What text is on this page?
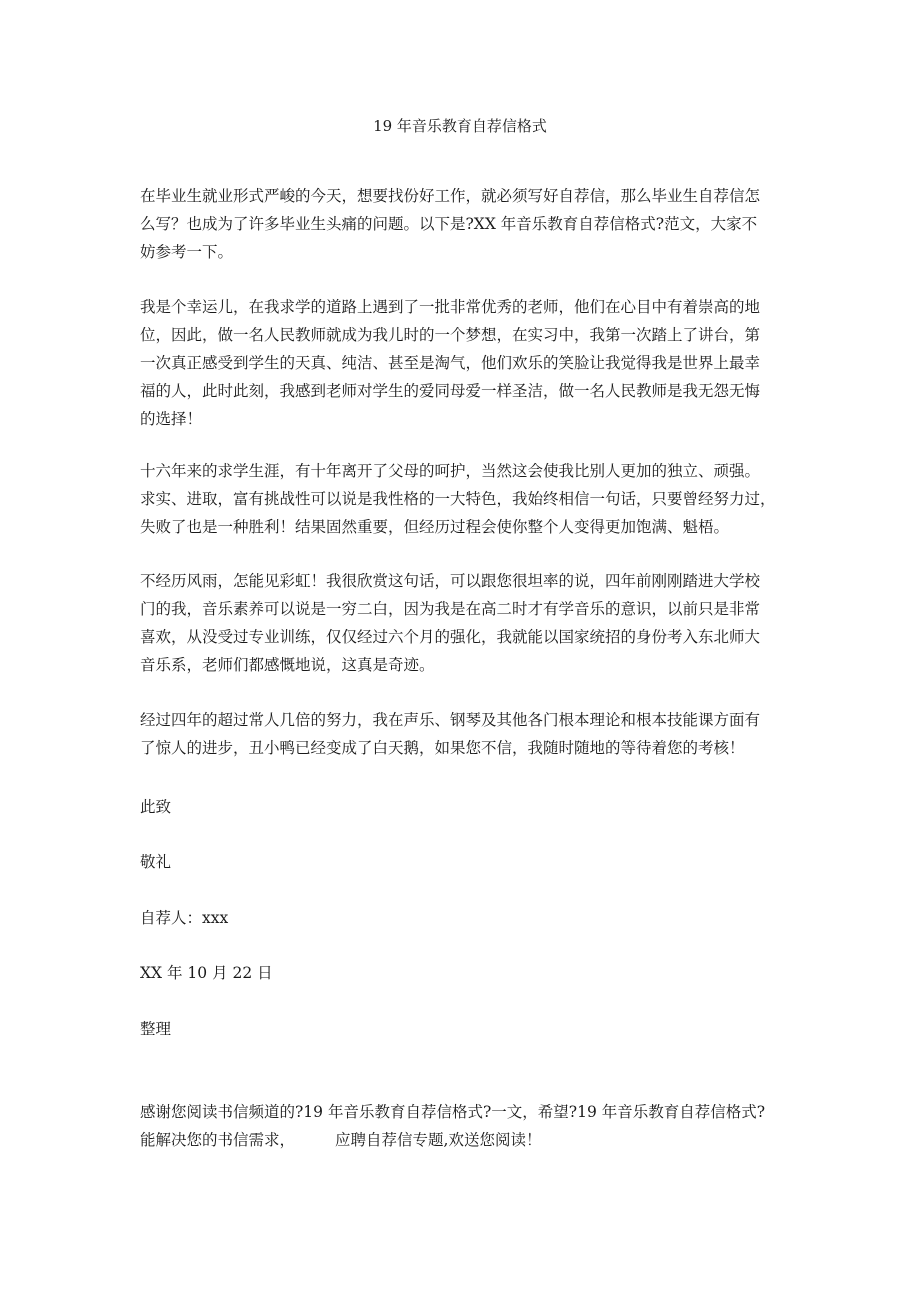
19 年音乐教育自荐信格式
在毕业生就业形式严峻的今天，想要找份好工作，就必须写好自荐信，那么毕业生自荐信怎
么写？也成为了许多毕业生头痛的问题。以下是?XX 年音乐教育自荐信格式?范文，大家不
妨参考一下。
我是个幸运儿，在我求学的道路上遇到了一批非常优秀的老师，他们在心目中有着崇高的地
位，因此，做一名人民教师就成为我儿时的一个梦想，在实习中，我第一次踏上了讲台，第
一次真正感受到学生的天真、纯洁、甚至是淘气，他们欢乐的笑脸让我觉得我是世界上最幸
福的人，此时此刻，我感到老师对学生的爱同母爱一样圣洁，做一名人民教师是我无怨无悔
的选择！
十六年来的求学生涯，有十年离开了父母的呵护，当然这会使我比别人更加的独立、顽强。
求实、进取，富有挑战性可以说是我性格的一大特色，我始终相信一句话，只要曾经努力过，
失败了也是一种胜利！结果固然重要，但经历过程会使你整个人变得更加饱满、魁梧。
不经历风雨，怎能见彩虹！我很欣赏这句话，可以跟您很坦率的说，四年前刚刚踏进大学校
门的我，音乐素养可以说是一穷二白，因为我是在高二时才有学音乐的意识，以前只是非常
喜欢，从没受过专业训练，仅仅经过六个月的强化，我就能以国家统招的身份考入东北师大
音乐系，老师们都感慨地说，这真是奇迹。
经过四年的超过常人几倍的努力，我在声乐、钢琴及其他各门根本理论和根本技能课方面有
了惊人的进步，丑小鸭已经变成了白天鹅，如果您不信，我随时随地的等待着您的考核！
此致
敬礼
自荐人：xxx
XX 年 10 月 22 日
整理
感谢您阅读书信频道的?19 年音乐教育自荐信格式?一文，希望?19 年音乐教育自荐信格式?
能解决您的书信需求，	应聘自荐信专题,欢送您阅读！
